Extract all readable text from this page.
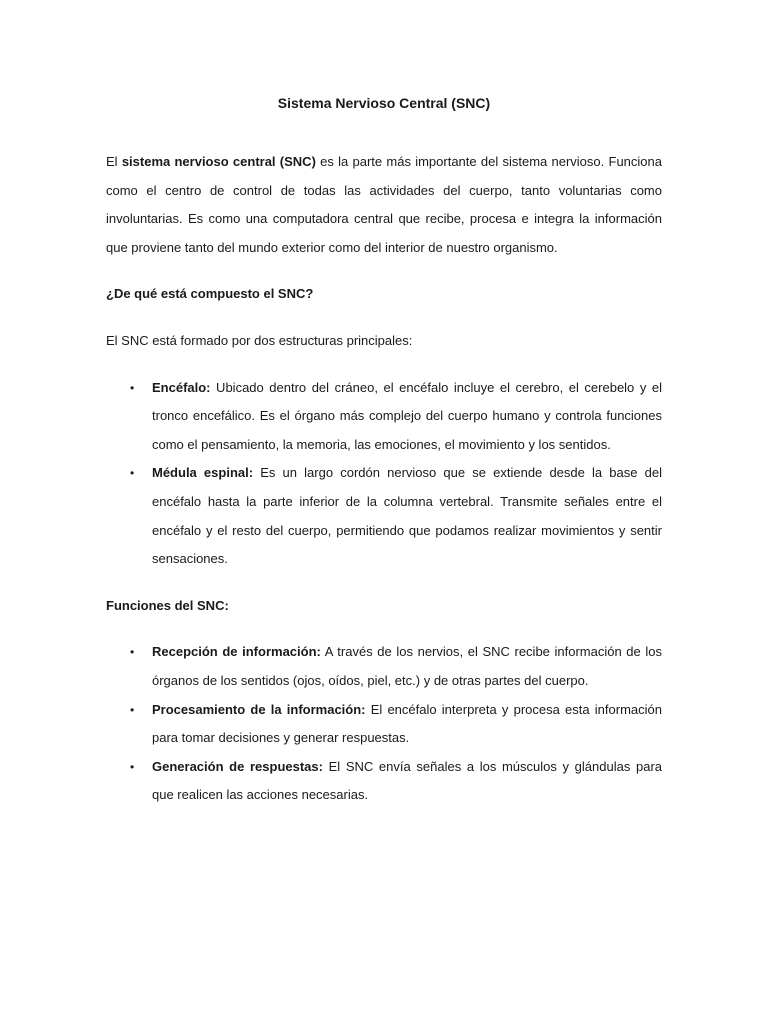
Sistema Nervioso Central (SNC)

El sistema nervioso central (SNC) es la parte más importante del sistema nervioso. Funciona como el centro de control de todas las actividades del cuerpo, tanto voluntarias como involuntarias. Es como una computadora central que recibe, procesa e integra la información que proviene tanto del mundo exterior como del interior de nuestro organismo.

¿De qué está compuesto el SNC?

El SNC está formado por dos estructuras principales:

• Encéfalo: Ubicado dentro del cráneo, el encéfalo incluye el cerebro, el cerebelo y el tronco encefálico. Es el órgano más complejo del cuerpo humano y controla funciones como el pensamiento, la memoria, las emociones, el movimiento y los sentidos.
• Médula espinal: Es un largo cordón nervioso que se extiende desde la base del encéfalo hasta la parte inferior de la columna vertebral. Transmite señales entre el encéfalo y el resto del cuerpo, permitiendo que podamos realizar movimientos y sentir sensaciones.
Funciones del SNC:
• Recepción de información: A través de los nervios, el SNC recibe información de los órganos de los sentidos (ojos, oídos, piel, etc.) y de otras partes del cuerpo.
• Procesamiento de la información: El encéfalo interpreta y procesa esta información para tomar decisiones y generar respuestas.
• Generación de respuestas: El SNC envía señales a los músculos y glándulas para que realicen las acciones necesarias.
